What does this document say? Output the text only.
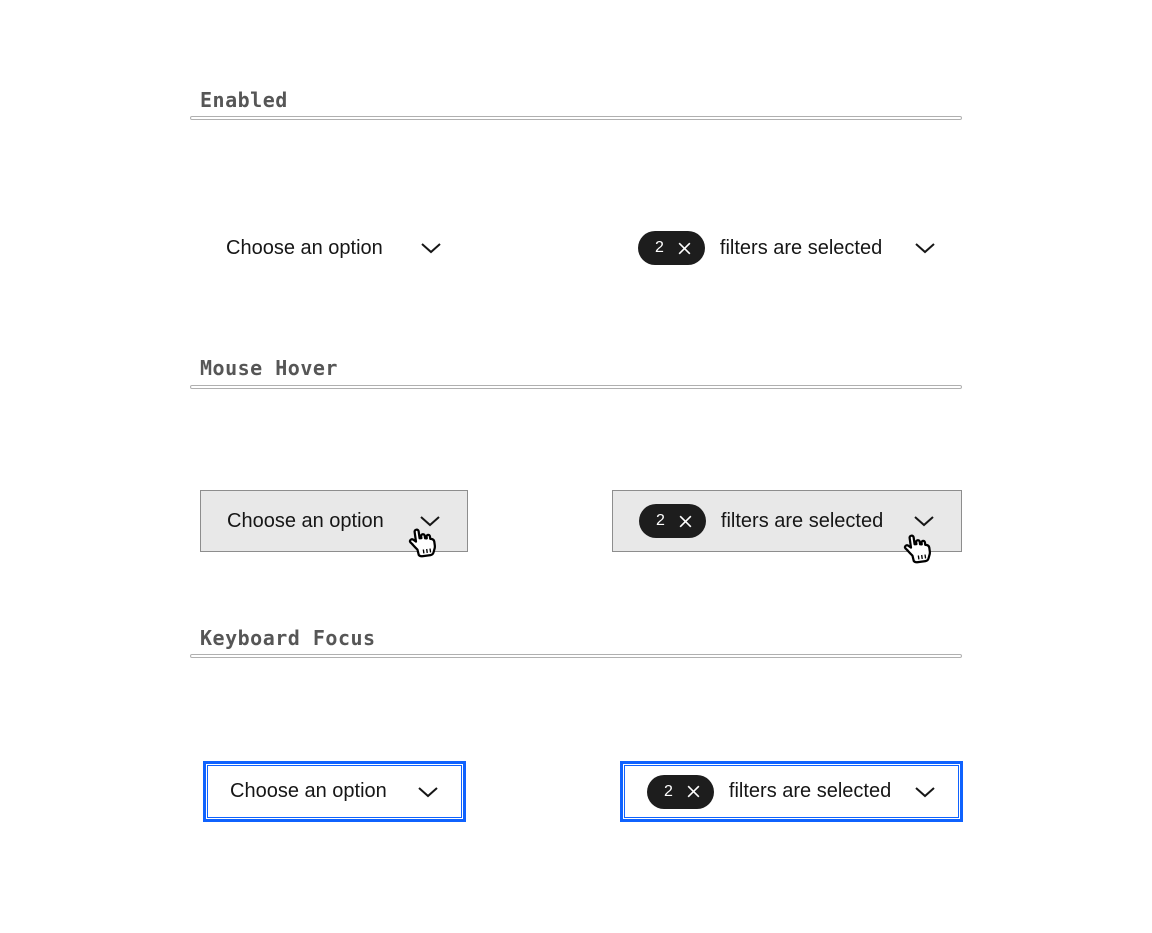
Enabled
Choose an option	2	filters are selected
Mouse Hover
Choose an option	2	filters are selected
Keyboard Focus
Choose an option	2	filters are selected
